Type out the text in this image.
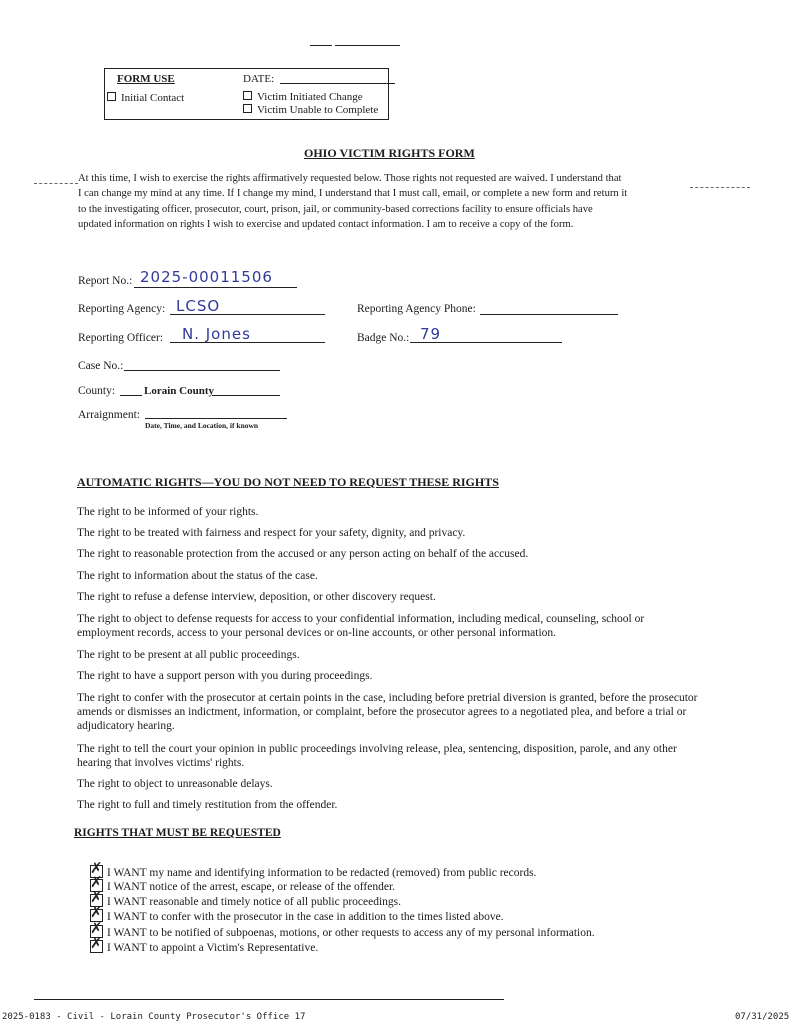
FORM USE
Initial Contact
DATE:
Victim Initiated Change
Victim Unable to Complete
OHIO VICTIM RIGHTS FORM
At this time, I wish to exercise the rights affirmatively requested below. Those rights not requested are waived. I understand that
I can change my mind at any time. If I change my mind, I understand that I must call, email, or complete a new form and return it
to the investigating officer, prosecutor, court, prison, jail, or community-based corrections facility to ensure officials have
updated information on rights I wish to exercise and updated contact information. I am to receive a copy of the form.
Report No.: 2025-00011506
Reporting Agency: LCSO	Reporting Agency Phone:
Reporting Officer: N. Jones	Badge No.: 79
Case No.:
County:	Lorain County
Arraignment:
Date, Time, and Location, if known
AUTOMATIC RIGHTS—YOU DO NOT NEED TO REQUEST THESE RIGHTS
The right to be informed of your rights.
The right to be treated with fairness and respect for your safety, dignity, and privacy.
The right to reasonable protection from the accused or any person acting on behalf of the accused.
The right to information about the status of the case.
The right to refuse a defense interview, deposition, or other discovery request.
The right to object to defense requests for access to your confidential information, including medical, counseling, school or employment records, access to your personal devices or on-line accounts, or other personal information.
The right to be present at all public proceedings.
The right to have a support person with you during proceedings.
The right to confer with the prosecutor at certain points in the case, including before pretrial diversion is granted, before the prosecutor amends or dismisses an indictment, information, or complaint, before the prosecutor agrees to a negotiated plea, and before a trial or adjudicatory hearing.
The right to tell the court your opinion in public proceedings involving release, plea, sentencing, disposition, parole, and any other hearing that involves victims' rights.
The right to object to unreasonable delays.
The right to full and timely restitution from the offender.
RIGHTS THAT MUST BE REQUESTED
✗I WANT my name and identifying information to be redacted (removed) from public records.
✗I WANT notice of the arrest, escape, or release of the offender.
✗I WANT reasonable and timely notice of all public proceedings.
✗I WANT to confer with the prosecutor in the case in addition to the times listed above.
✗I WANT to be notified of subpoenas, motions, or other requests to access any of my personal information.
✗I WANT to appoint a Victim's Representative.
2025-0183 - Civil - Lorain County Prosecutor's Office 17	07/31/2025
